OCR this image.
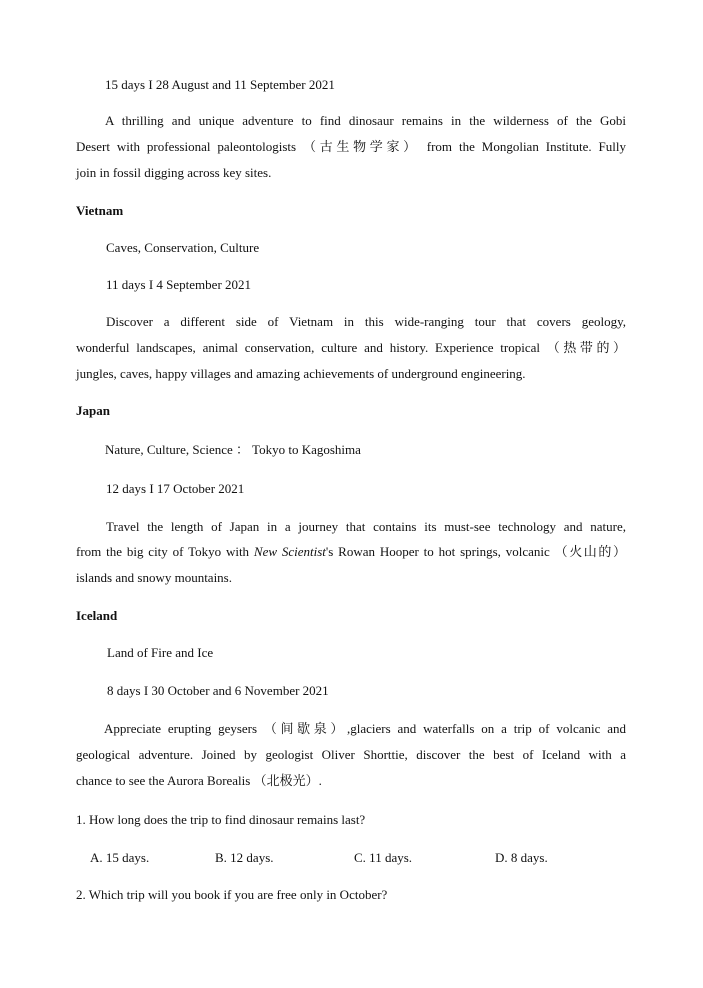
15 days I 28 August and 11 September 2021
A thrilling and unique adventure to find dinosaur remains in the wilderness of the Gobi
Desert with professional paleontologists （古生物学家） from the Mongolian Institute. Fully
join in fossil digging across key sites.
Vietnam
Caves, Conservation, Culture
11 days I 4 September 2021
Discover a different side of Vietnam in this wide-ranging tour that covers geology,
wonderful landscapes, animal conservation, culture and history. Experience tropical （热带的）
jungles, caves, happy villages and amazing achievements of underground engineering.
Japan
Nature, Culture, Science ： Tokyo to Kagoshima
12 days I 17 October 2021
Travel the length of Japan in a journey that contains its must-see technology and nature,
from the big city of Tokyo with New Scientist's Rowan Hooper to hot springs, volcanic （火山的）
islands and snowy mountains.
Iceland
Land of Fire and Ice
8 days I 30 October and 6 November 2021
Appreciate erupting geysers （间歇泉）,glaciers and waterfalls on a trip of volcanic and
geological adventure. Joined by geologist Oliver Shorttie, discover the best of Iceland with a
chance to see the Aurora Borealis （北极光）.
1. How long does the trip to find dinosaur remains last?
A. 15 days.	B. 12 days.	C. 11 days.	D. 8 days.
2. Which trip will you book if you are free only in October?
